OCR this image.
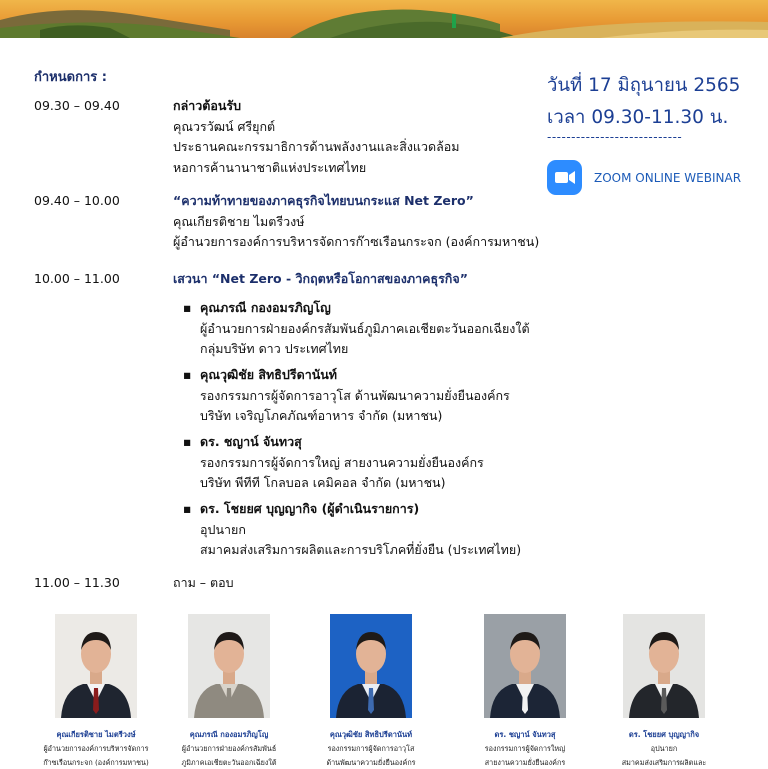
กำหนดการ :
09.30 – 09.40	กล่าวต้อนรับ
คุณวรวัฒน์ ศรียุกต์
ประธานคณะกรรมาธิการด้านพลังงานและสิ่งแวดล้อม
หอการค้านานาชาติแห่งประเทศไทย
09.40 – 10.00	“ความท้าทายของภาคธุรกิจไทยบนกระแส Net Zero”
คุณเกียรติชาย ไมตรีวงษ์
ผู้อำนวยการองค์การบริหารจัดการก๊าซเรือนกระจก (องค์การมหาชน)
10.00 – 11.00	เสวนา “Net Zero - วิกฤตหรือโอกาสของภาคธุรกิจ”
▪ คุณภรณี กองอมรภิญโญ
ผู้อำนวยการฝ่ายองค์กรสัมพันธ์ภูมิภาคเอเชียตะวันออกเฉียงใต้
กลุ่มบริษัท ดาว ประเทศไทย
▪ คุณวุฒิชัย สิทธิปรีดานันท์
รองกรรมการผู้จัดการอาวุโส ด้านพัฒนาความยั่งยืนองค์กร
บริษัท เจริญโภคภัณฑ์อาหาร จำกัด (มหาชน)
▪ ดร. ชญาน์ จันทวสุ
รองกรรมการผู้จัดการใหญ่ สายงานความยั่งยืนองค์กร
บริษัท พีทีที โกลบอล เคมิคอล จำกัด (มหาชน)
▪ ดร. โชยยศ บุญญากิจ (ผู้ดำเนินรายการ)
อุปนายก
สมาคมส่งเสริมการผลิตและการบริโภคที่ยั่งยืน (ประเทศไทย)
11.00 – 11.30	ถาม – ตอบ
วันที่ 17 มิถุนายน 2565
เวลา 09.30-11.30 น.
----------------------------
ZOOM ONLINE WEBINAR
คุณเกียรติชาย ไมตรีวงษ์
ผู้อำนวยการองค์การบริหารจัดการ
ก๊าซเรือนกระจก (องค์การมหาชน)
คุณภรณี กองอมรภิญโญ
ผู้อำนวยการฝ่ายองค์กรสัมพันธ์
ภูมิภาคเอเชียตะวันออกเฉียงใต้
คุณวุฒิชัย สิทธิปรีดานันท์
รองกรรมการผู้จัดการอาวุโส
ด้านพัฒนาความยั่งยืนองค์กร
ดร. ชญาน์ จันทวสุ
รองกรรมการผู้จัดการใหญ่
สายงานความยั่งยืนองค์กร
ดร. โชยยศ บุญญากิจ
อุปนายก
สมาคมส่งเสริมการผลิตและ
